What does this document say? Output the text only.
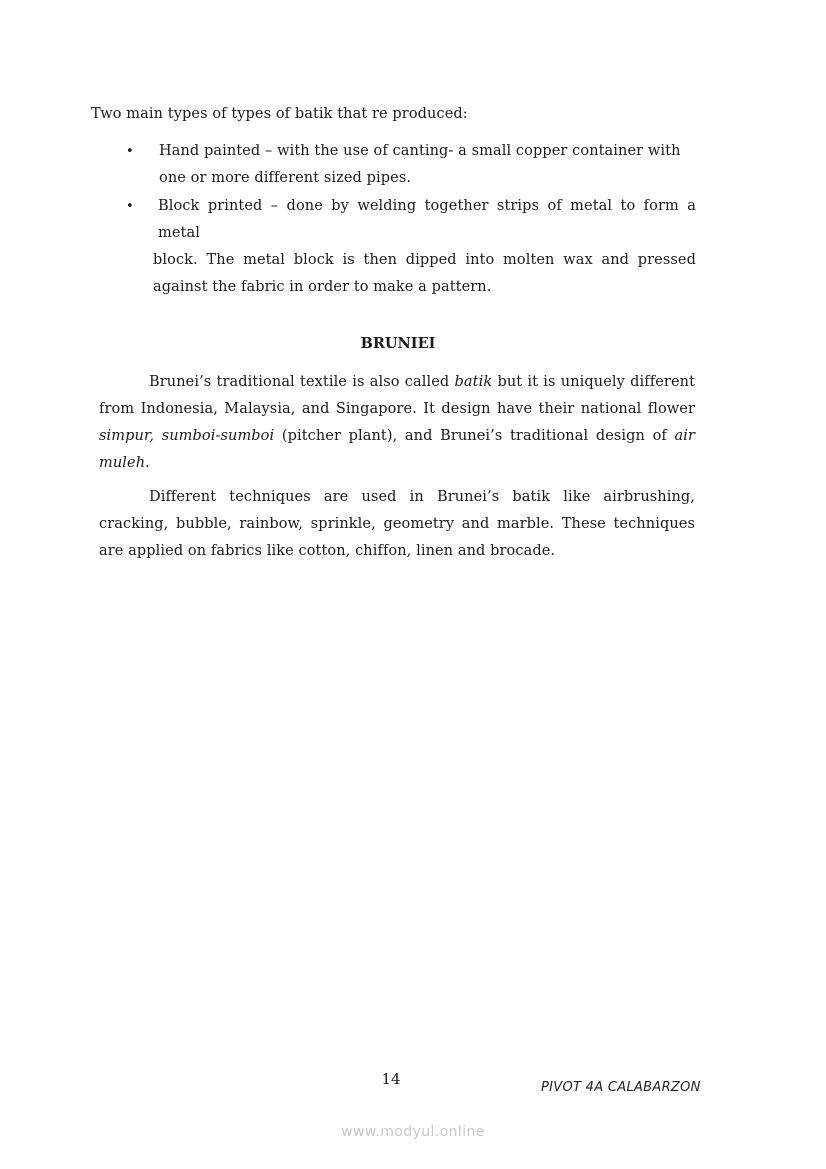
Two main types of types of batik that re produced:
•	Hand painted – with the use of canting- a small copper container with
one or more different sized pipes.
•	Block printed – done by welding together strips of metal to form a metal
block. The metal block is then dipped into molten wax and pressed against the fabric in order to make a pattern.
BRUNIEI

Brunei’s traditional textile is also called batik but it is uniquely different from Indonesia, Malaysia, and Singapore. It design have their national flower simpur, sumboi-sumboi (pitcher plant), and Brunei’s traditional design of air muleh.

Different techniques are used in Brunei’s batik like airbrushing, cracking, bubble, rainbow, sprinkle, geometry and marble. These techniques are applied on fabrics like cotton, chiffon, linen and brocade.

14	PIVOT 4A CALABARZON
www.modyul.online
